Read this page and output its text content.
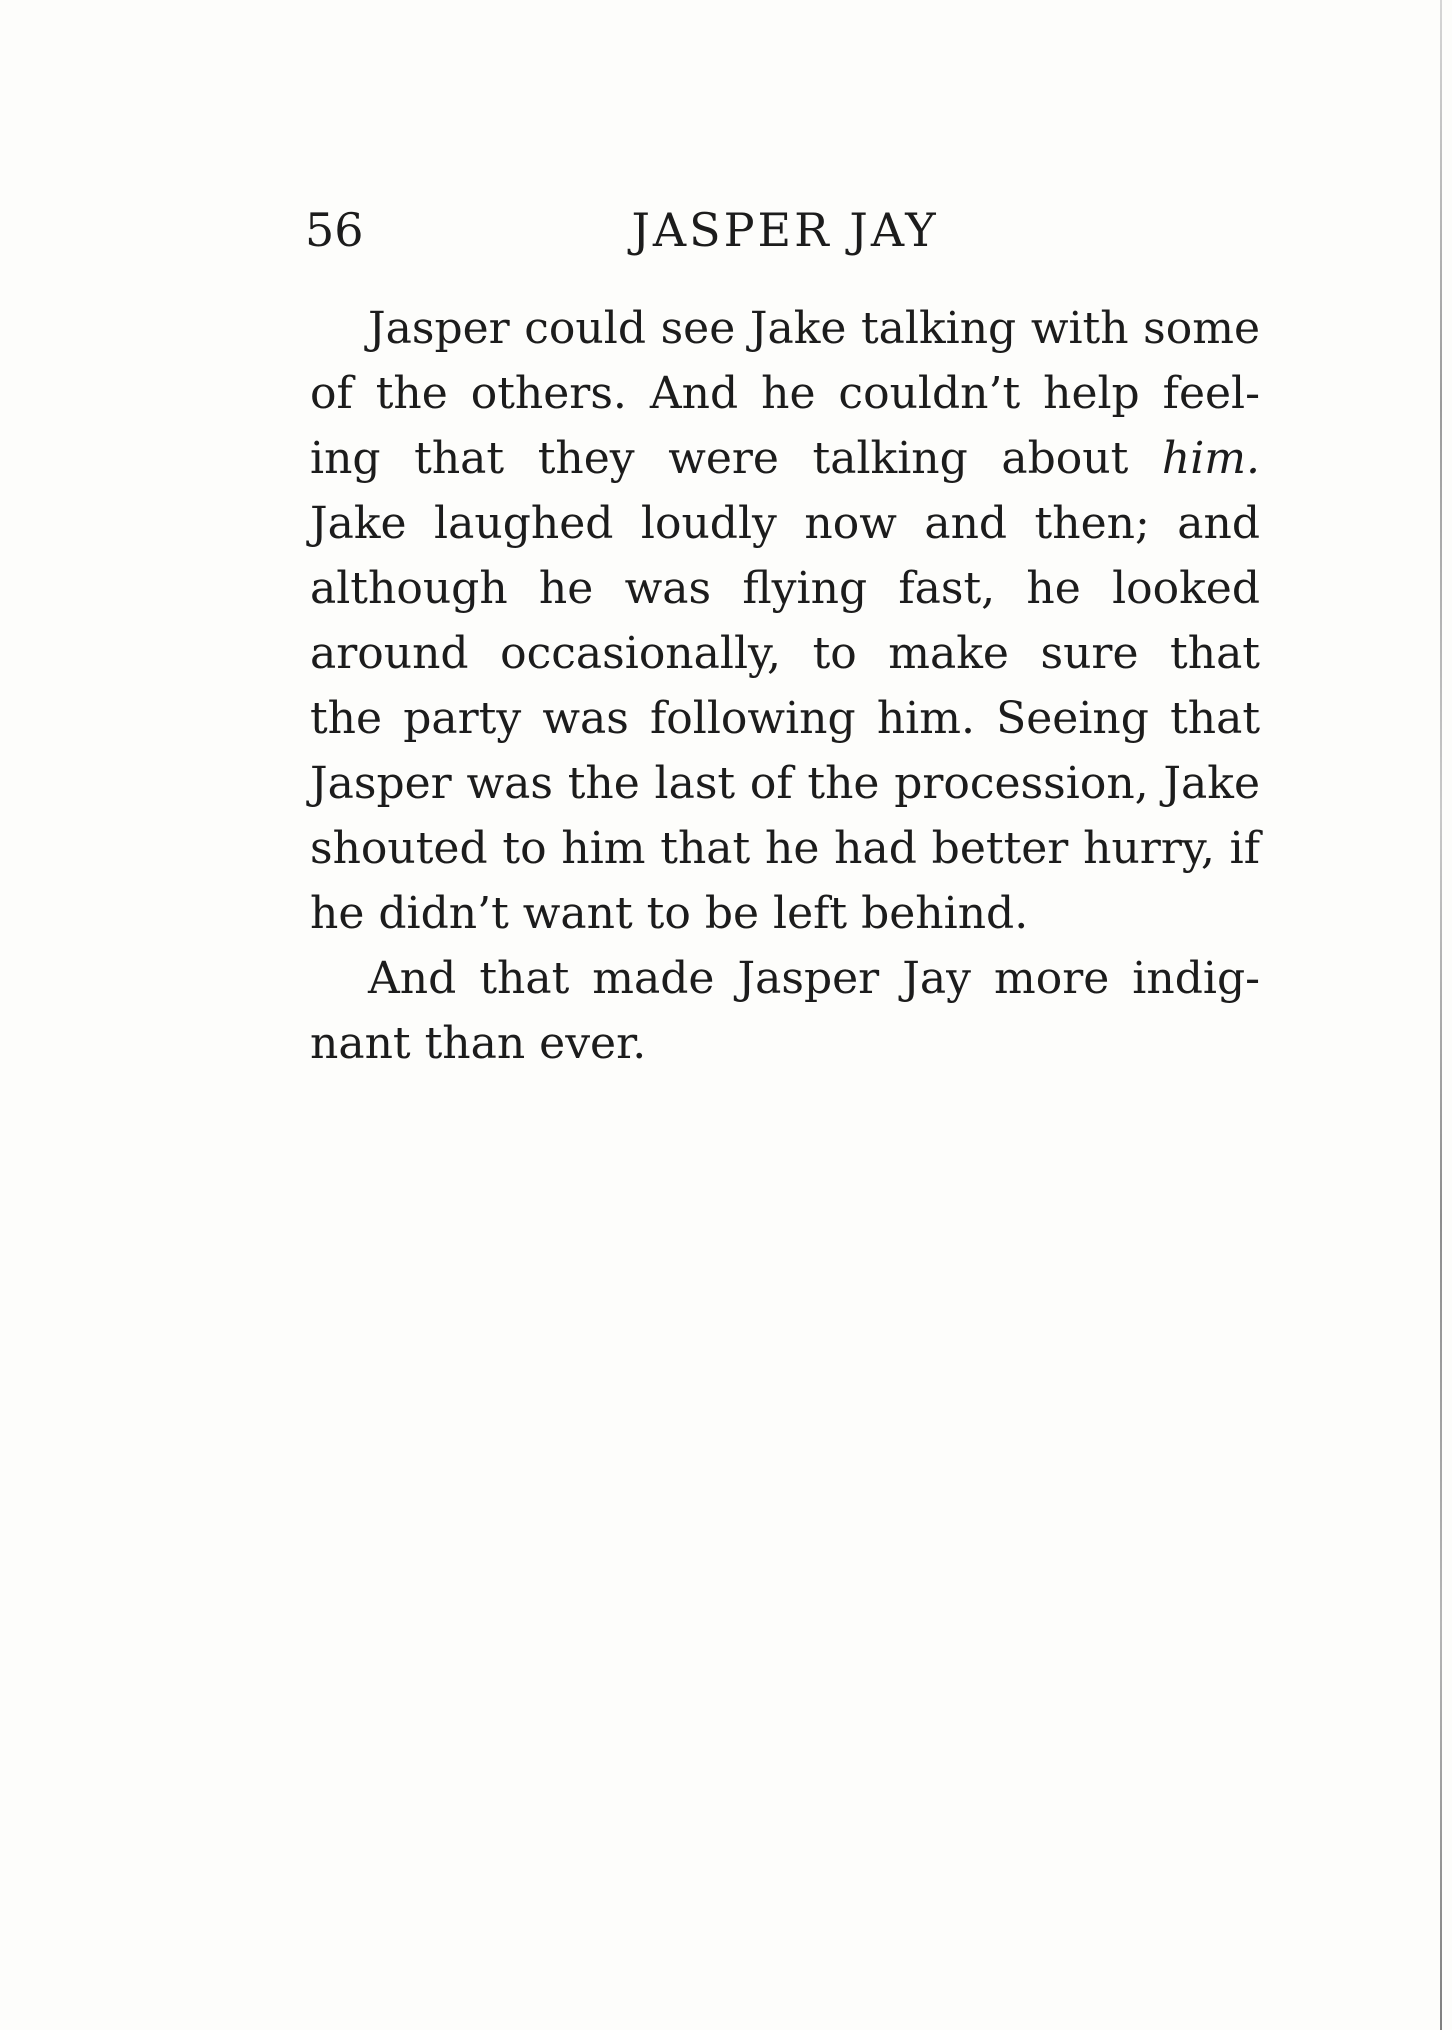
56	JASPER JAY
Jasper could see Jake talking with some
of the others. And he couldn’t help feel-
ing that they were talking about him.
Jake laughed loudly now and then; and
although he was flying fast, he looked
around occasionally, to make sure that
the party was following him. Seeing that
Jasper was the last of the procession, Jake
shouted to him that he had better hurry, if
he didn’t want to be left behind.
And that made Jasper Jay more indig-
nant than ever.
